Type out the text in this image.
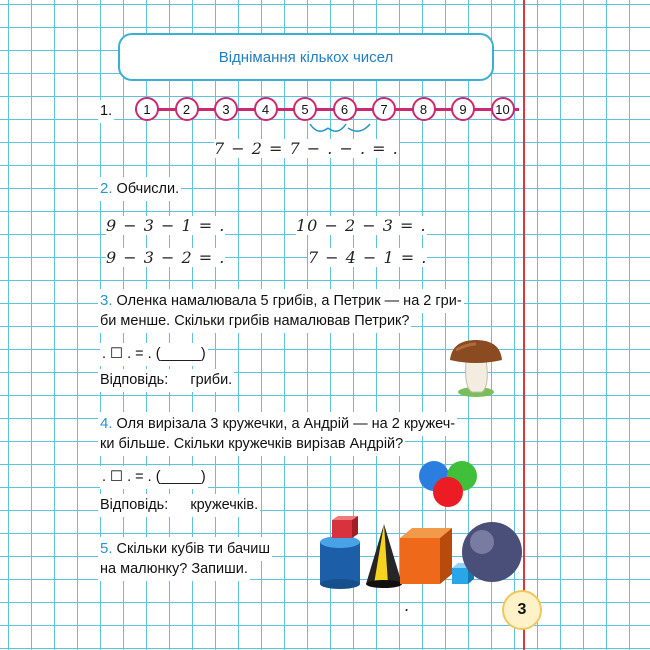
Віднімання кількох чисел
1.	1	2	3	4	5	6	7	8	9	10
7 − 2 = 7 − . − . = .
2. Обчисли.
9 − 3 − 1 = .	10 − 2 − 3 = .
9 − 3 − 2 = .	7 − 4 − 1 = .
3. Оленка намалювала 5 грибів, а Петрик — на 2 гри-
би менше. Скільки грибів намалював Петрик?
. ☐ . = . (_____)
Відповідь: гриби.
4. Оля вирізала 3 кружечки, а Андрій — на 2 кружеч-
ки більше. Скільки кружечків вирізав Андрій?
. ☐ . = . (_____)
Відповідь: кружечків.
5. Скільки кубів ти бачиш
на малюнку? Запиши.
.	3
